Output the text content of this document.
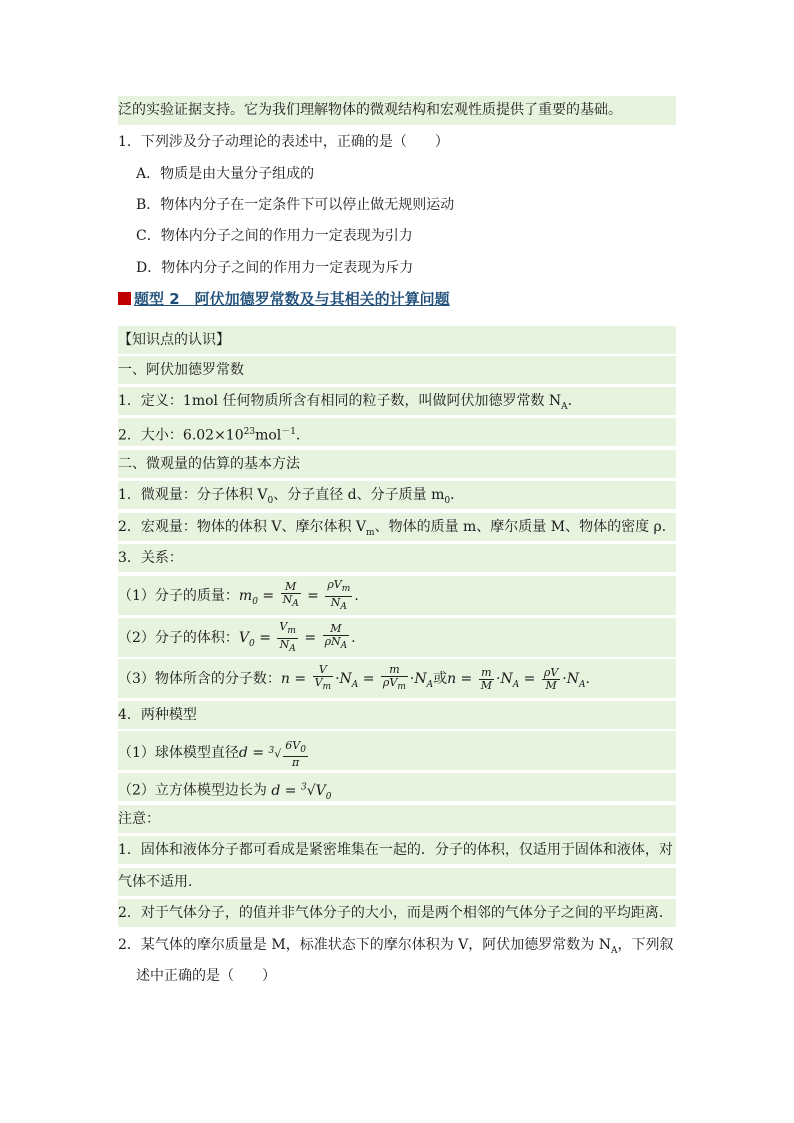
泛的实验证据支持。它为我们理解物体的微观结构和宏观性质提供了重要的基础。
1．下列涉及分子动理论的表述中，正确的是（　　）
A．物质是由大量分子组成的
B．物体内分子在一定条件下可以停止做无规则运动
C．物体内分子之间的作用力一定表现为引力
D．物体内分子之间的作用力一定表现为斥力
题型 2　阿伏加德罗常数及与其相关的计算问题
【知识点的认识】
一、阿伏加德罗常数
1．定义：1mol 任何物质所含有相同的粒子数，叫做阿伏加德罗常数 $N_A$．
2．大小：$6.02\times 10^{23}mol^{-1}$．
二、微观量的估算的基本方法
1．微观量：分子体积 $V_0$、分子直径 d、分子质量 $m_0$．
2．宏观量：物体的体积 V、摩尔体积 $V_m$、物体的质量 m、摩尔质量 M、物体的密度 ρ．
3．关系：
（1）分子的质量：$m_0 = \frac{M}{N_A} = \frac{\rho V_m}{N_A}$ .
（2）分子的体积：$V_0 = \frac{V_m}{N_A} = \frac{M}{\rho N_A}$ .
（3）物体所含的分子数：$n = \frac{V}{V_m} \cdot N_A = \frac{m}{\rho V_m} \cdot N_A$或$n = \frac{m}{M} \cdot N_A = \frac{\rho V}{M} \cdot N_A$.
4．两种模型
（1）球体模型直径$d = ^3√ \frac{6V_0}{\pi}$
（2）立方体模型边长为 $d = ^3√V_0$
注意：
1．固体和液体分子都可看成是紧密堆集在一起的．分子的体积，仅适用于固体和液体，对
气体不适用．
2．对于气体分子，的值并非气体分子的大小，而是两个相邻的气体分子之间的平均距离．
2．某气体的摩尔质量是 M，标准状态下的摩尔体积为 V，阿伏加德罗常数为 $N_A$，下列叙
述中正确的是（　　）
